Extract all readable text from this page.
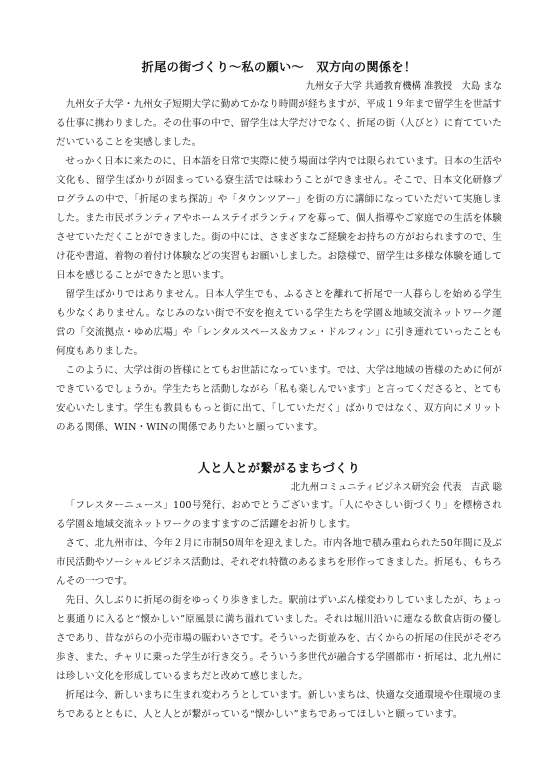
折尾の街づくり～私の願い～　双方向の関係を！
九州女子大学 共通教育機構 准教授　大島 まな

九州女子大学・九州女子短期大学に勤めてかなり時間が経ちますが、平成１９年まで留学生を世話する仕事に携わりました。その仕事の中で、留学生は大学だけでなく、折尾の街（人びと）に育てていただいていることを実感しました。

せっかく日本に来たのに、日本語を日常で実際に使う場面は学内では限られています。日本の生活や文化も、留学生ばかりが固まっている寮生活では味わうことができません。そこで、日本文化研修プログラムの中で、「折尾のまち探訪」や「タウンツアー」を街の方に講師になっていただいて実施しました。また市民ボランティアやホームステイボランティアを募って、個人指導やご家庭での生活を体験させていただくことができました。街の中には、さまざまなご経験をお持ちの方がおられますので、生け花や書道、着物の着付け体験などの実習もお願いしました。お陰様で、留学生は多様な体験を通して日本を感じることができたと思います。

留学生ばかりではありません。日本人学生でも、ふるさとを離れて折尾で一人暮らしを始める学生も少なくありません。なじみのない街で不安を抱えている学生たちを学園＆地域交流ネットワーク運営の「交流拠点・ゆめ広場」や「レンタルスペース＆カフェ・ドルフィン」に引き連れていったことも何度もありました。

このように、大学は街の皆様にとてもお世話になっています。では、大学は地域の皆様のために何ができているでしょうか。学生たちと活動しながら「私も楽しんでいます」と言ってくださると、とても安心いたします。学生も教員ももっと街に出て、「していただく」ばかりではなく、双方向にメリットのある関係、WIN・WINの関係でありたいと願っています。

人と人とが繋がるまちづくり
北九州コミュニティビジネス研究会 代表　吉武 聡

「フレスターニュース」100号発行、おめでとうございます。「人にやさしい街づくり」を標榜される学園＆地域交流ネットワークのますますのご活躍をお祈りします。

さて、北九州市は、今年２月に市制50周年を迎えました。市内各地で積み重ねられた50年間に及ぶ市民活動やソーシャルビジネス活動は、それぞれ特徴のあるまちを形作ってきました。折尾も、もちろんその一つです。

先日、久しぶりに折尾の街をゆっくり歩きました。駅前はずいぶん様変わりしていましたが、ちょっと裏通りに入ると“懐かしい”原風景に満ち溢れていました。それは堀川沿いに連なる飲食店街の優しさであり、昔ながらの小売市場の賑わいさです。そういった街並みを、古くからの折尾の住民がそぞろ歩き、また、チャリに乗った学生が行き交う。そういう多世代が融合する学園都市・折尾は、北九州には珍しい文化を形成しているまちだと改めて感じました。

折尾は今、新しいまちに生まれ変わろうとしています。新しいまちは、快適な交通環境や住環境のまちであるとともに、人と人とが繋がっている“懐かしい”まちであってほしいと願っています。
